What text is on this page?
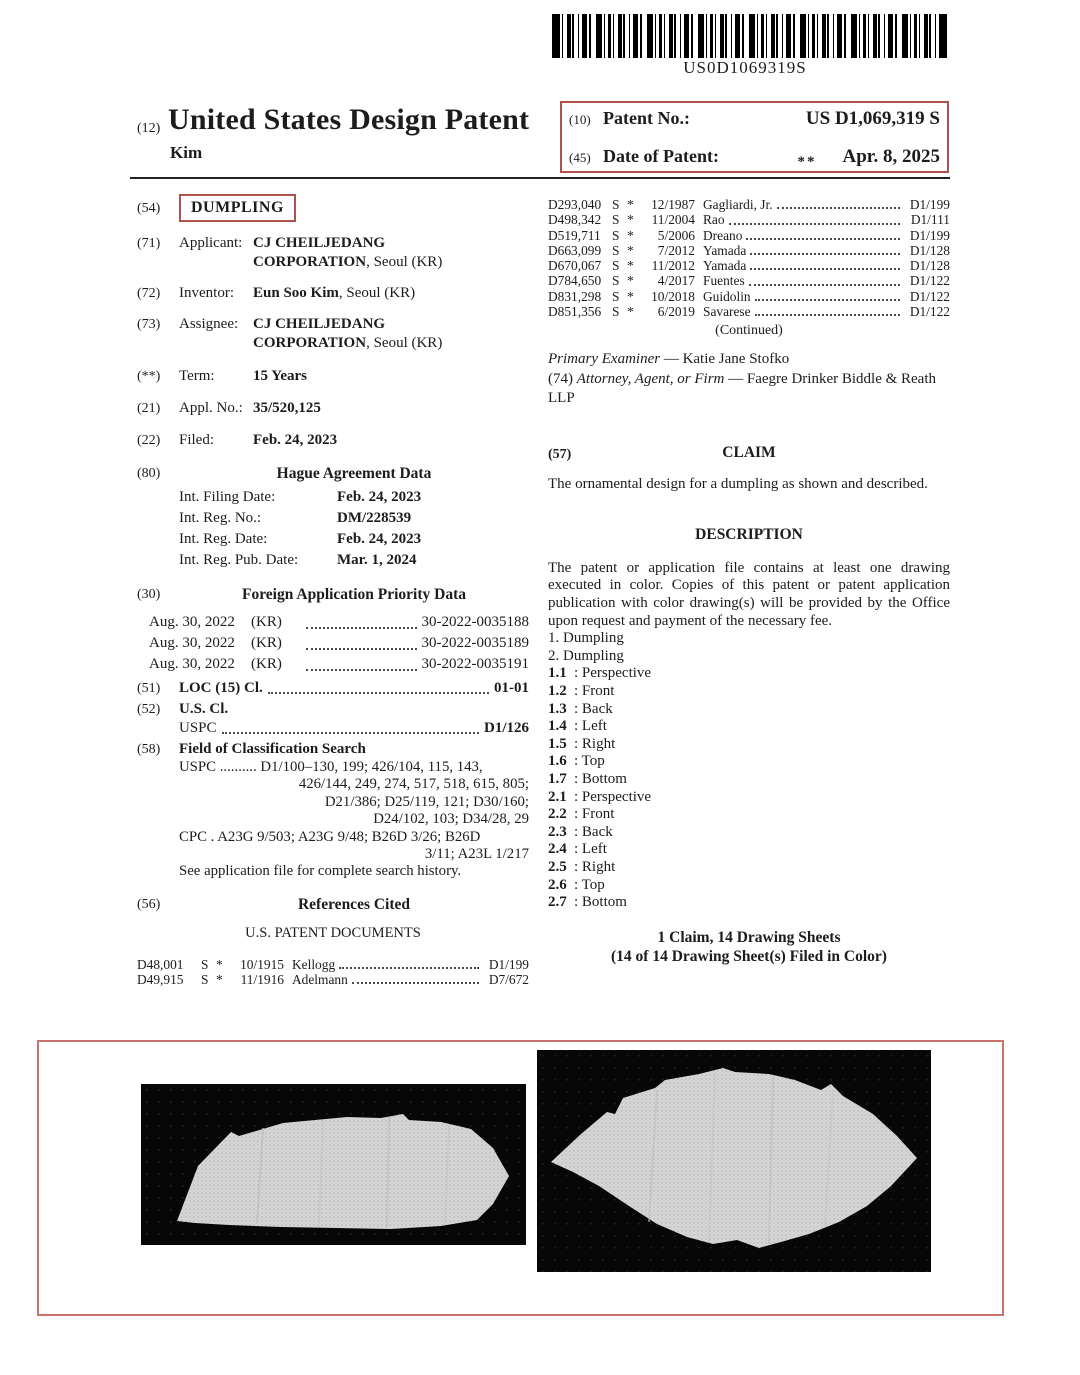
US0D1069319S
(12) United States Design Patent
Kim
(10) Patent No.:	US D1,069,319 S
(45) Date of Patent:	** Apr. 8, 2025
(54)	DUMPLING
(71)	Applicant: CJ CHEILJEDANG CORPORATION, Seoul (KR)
(72)	Inventor:	Eun Soo Kim, Seoul (KR)
(73)	Assignee: CJ CHEILJEDANG CORPORATION, Seoul (KR)
(**)	Term:	15 Years
(21)	Appl. No.: 35/520,125
(22)	Filed:	Feb. 24, 2023
(80)	Hague Agreement Data
Int. Filing Date:	Feb. 24, 2023
Int. Reg. No.:	DM/228539
Int. Reg. Date:	Feb. 24, 2023
Int. Reg. Pub. Date:	Mar. 1, 2024
(30)	Foreign Application Priority Data
Aug. 30, 2022	(KR)	30-2022-0035188
Aug. 30, 2022	(KR)	30-2022-0035189
Aug. 30, 2022	(KR)	30-2022-0035191
(51)	LOC (15) Cl.	01-01
(52)	U.S. Cl.
USPC	D1/126
(58)	Field of Classification Search
USPC .......... D1/100–130, 199; 426/104, 115, 143,
426/144, 249, 274, 517, 518, 615, 805;
D21/386; D25/119, 121; D30/160;
D24/102, 103; D34/28, 29
CPC . A23G 9/503; A23G 9/48; B26D 3/26; B26D
3/11; A23L 1/217
See application file for complete search history.
(56)	References Cited
U.S. PATENT DOCUMENTS
D48,001	S *	10/1915 Kellogg	D1/199
D49,915	S *	11/1916 Adelmann	D7/672
D293,040 S *	12/1987 Gagliardi, Jr.	D1/199
D498,342 S *	11/2004 Rao	D1/111
D519,711 S *	5/2006 Dreano	D1/199
D663,099 S *	7/2012 Yamada	D1/128
D670,067 S *	11/2012 Yamada	D1/128
D784,650 S *	4/2017 Fuentes	D1/122
D831,298 S *	10/2018 Guidolin	D1/122
D851,356 S *	6/2019 Savarese	D1/122
(Continued)
Primary Examiner — Katie Jane Stofko
(74) Attorney, Agent, or Firm — Faegre Drinker Biddle & Reath LLP
(57)	CLAIM
The ornamental design for a dumpling as shown and described.
DESCRIPTION
The patent or application file contains at least one drawing executed in color. Copies of this patent or patent application publication with color drawing(s) will be provided by the Office upon request and payment of the necessary fee.
1. Dumpling
2. Dumpling
1.1 : Perspective
1.2 : Front
1.3 : Back
1.4 : Left
1.5 : Right
1.6 : Top
1.7 : Bottom
2.1 : Perspective
2.2 : Front
2.3 : Back
2.4 : Left
2.5 : Right
2.6 : Top
2.7 : Bottom
1 Claim, 14 Drawing Sheets
(14 of 14 Drawing Sheet(s) Filed in Color)
